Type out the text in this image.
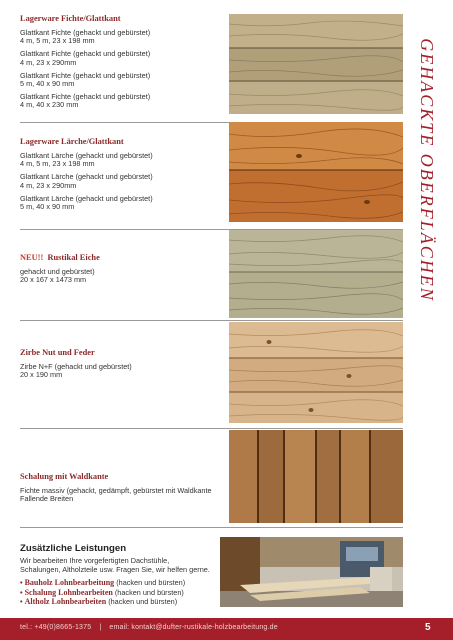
Lagerware Fichte/Glattkant
Glattkant Fichte (gehackt und gebürstet)
4 m, 5 m, 23 x 198 mm
Glattkant Fichte (gehackt und gebürstet)
4 m, 23 x 290mm
Glattkant Fichte (gehackt und gebürstet)
5 m, 40 x 90 mm
Glattkant Fichte (gehackt und gebürstet)
4 m, 40 x 230 mm
Lagerware Lärche/Glattkant
Glattkant Lärche (gehackt und gebürstet)
4 m, 5 m, 23 x 198 mm
Glattkant Lärche (gehackt und gebürstet)
4 m, 23 x 290mm
Glattkant Lärche (gehackt und gebürstet)
5 m, 40 x 90 mm
NEU!! Rustikal Eiche
gehackt und gebürstet)
20 x 167 x 1473 mm
Zirbe Nut und Feder
Zirbe N+F (gehackt und gebürstet)
20 x 190 mm
Schalung mit Waldkante
Fichte massiv (gehackt, gedämpft, gebürstet mit Waldkante
Fallende Breiten
Zusätzliche Leistungen
Wir bearbeiten Ihre vorgefertigten Dachstühle,
Schalungen, Altholzteile usw. Fragen Sie, wir helfen gerne.
• Bauholz Lohnbearbeitung (hacken und bürsten)
• Schalung Lohnbearbeiten (hacken und bürsten)
• Altholz Lohnbearbeiten (hacken und bürsten)
GEHACKTE OBERFLÄCHEN
tel.: +49(0)8665-1375 | email: kontakt@dufter-rustikale-holzbearbeitung.de	5
